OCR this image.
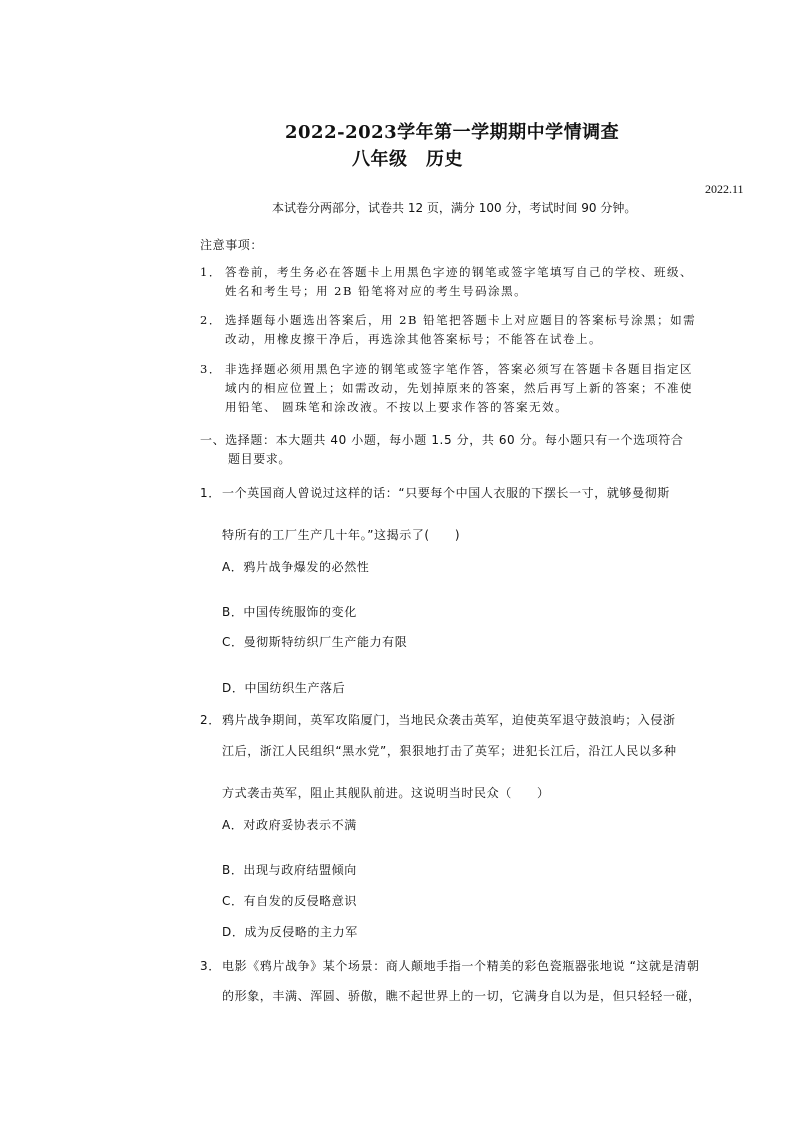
2022-2023学年第一学期期中学情调查
八年级　历史
2022.11
本试卷分两部分，试卷共 12 页，满分 100 分，考试时间 90 分钟。
注意事项：
1． 答卷前，考生务必在答题卡上用黑色字迹的钢笔或签字笔填写自己的学校、班级、
姓名和考生号；用 2B 铅笔将对应的考生号码涂黑。
2． 选择题每小题选出答案后，用 2B 铅笔把答题卡上对应题目的答案标号涂黑；如需
改动，用橡皮擦干净后，再选涂其他答案标号；不能答在试卷上。
3． 非选择题必须用黑色字迹的钢笔或签字笔作答，答案必须写在答题卡各题目指定区
域内的相应位置上；如需改动，先划掉原来的答案，然后再写上新的答案；不准使
用铅笔、 圆珠笔和涂改液。不按以上要求作答的答案无效。
一、选择题：本大题共 40 小题，每小题 1.5 分，共 60 分。每小题只有一个选项符合
题目要求。
1． 一个英国商人曾说过这样的话：“只要每个中国人衣服的下摆长一寸，就够曼彻斯
特所有的工厂生产几十年。”这揭示了(　　)
A．鸦片战争爆发的必然性
B．中国传统服饰的变化
C．曼彻斯特纺织厂生产能力有限
D．中国纺织生产落后
2． 鸦片战争期间，英军攻陷厦门，当地民众袭击英军，迫使英军退守鼓浪屿；入侵浙
江后，浙江人民组织“黑水党”，狠狠地打击了英军；进犯长江后，沿江人民以多种
方式袭击英军，阻止其舰队前进。这说明当时民众（　　）
A．对政府妥协表示不满
B．出现与政府结盟倾向
C．有自发的反侵略意识
D．成为反侵略的主力军
3． 电影《鸦片战争》某个场景：商人颠地手指一个精美的彩色瓷瓶器张地说 “这就是清朝
的形象，丰满、浑圆、骄傲，瞧不起世界上的一切，它满身自以为是，但只轻轻一碰，
